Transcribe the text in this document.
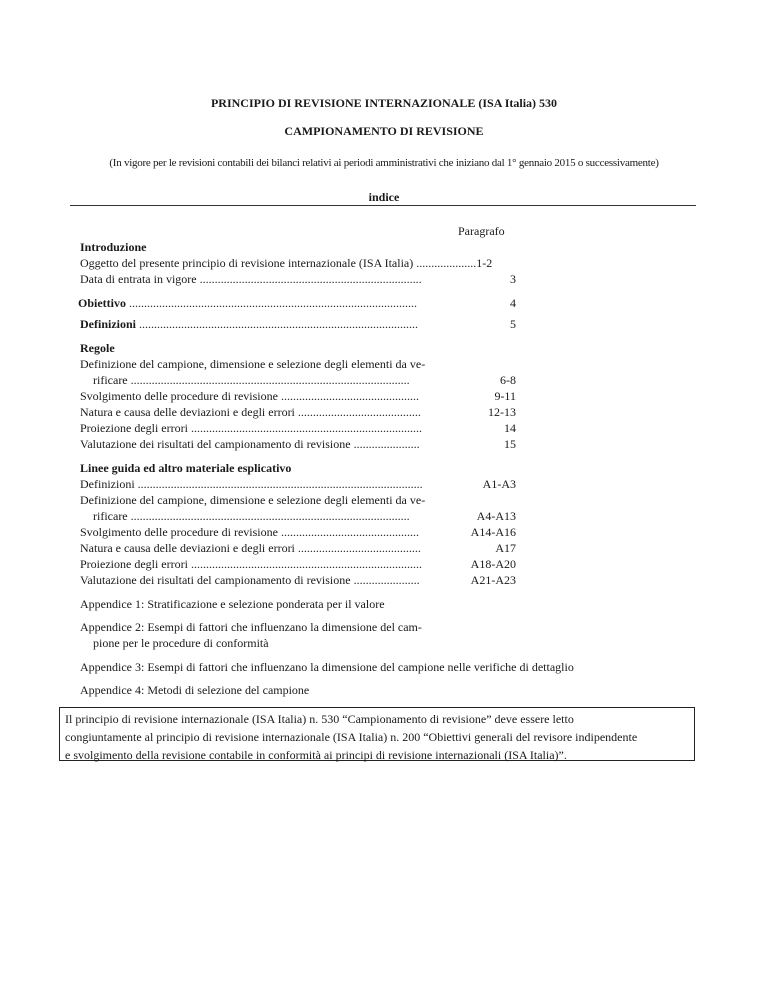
PRINCIPIO DI REVISIONE INTERNAZIONALE (ISA Italia) 530
CAMPIONAMENTO DI REVISIONE
(In vigore per le revisioni contabili dei bilanci relativi ai periodi amministrativi che iniziano dal 1° gennaio 2015 o successivamente)
indice
Paragrafo
Introduzione
Oggetto del presente principio di revisione internazionale (ISA Italia) ....................1-2
Data di entrata in vigore ..........................................................................	3
Obiettivo ................................................................................................	4
Definizioni .............................................................................................	5
Regole
Definizione del campione, dimensione e selezione degli elementi da ve-
rificare .............................................................................................	6-8
Svolgimento delle procedure di revisione ..............................................	9-11
Natura e causa delle deviazioni e degli errori .........................................	12-13
Proiezione degli errori .............................................................................	14
Valutazione dei risultati del campionamento di revisione ......................	15
Linee guida ed altro materiale esplicativo
Definizioni ...............................................................................................	A1-A3
Definizione del campione, dimensione e selezione degli elementi da ve-
rificare .............................................................................................	A4-A13
Svolgimento delle procedure di revisione ..............................................	A14-A16
Natura e causa delle deviazioni e degli errori .........................................	A17
Proiezione degli errori .............................................................................	A18-A20
Valutazione dei risultati del campionamento di revisione ......................	A21-A23
Appendice 1: Stratificazione e selezione ponderata per il valore
Appendice 2: Esempi di fattori che influenzano la dimensione del cam-
pione per le procedure di conformità
Appendice 3: Esempi di fattori che influenzano la dimensione del campione nelle verifiche di dettaglio
Appendice 4: Metodi di selezione del campione
Il principio di revisione internazionale (ISA Italia) n. 530 “Campionamento di revisione” deve essere letto
congiuntamente al principio di revisione internazionale (ISA Italia) n. 200 “Obiettivi generali del revisore indipendente
e svolgimento della revisione contabile in conformità ai principi di revisione internazionali (ISA Italia)”.
